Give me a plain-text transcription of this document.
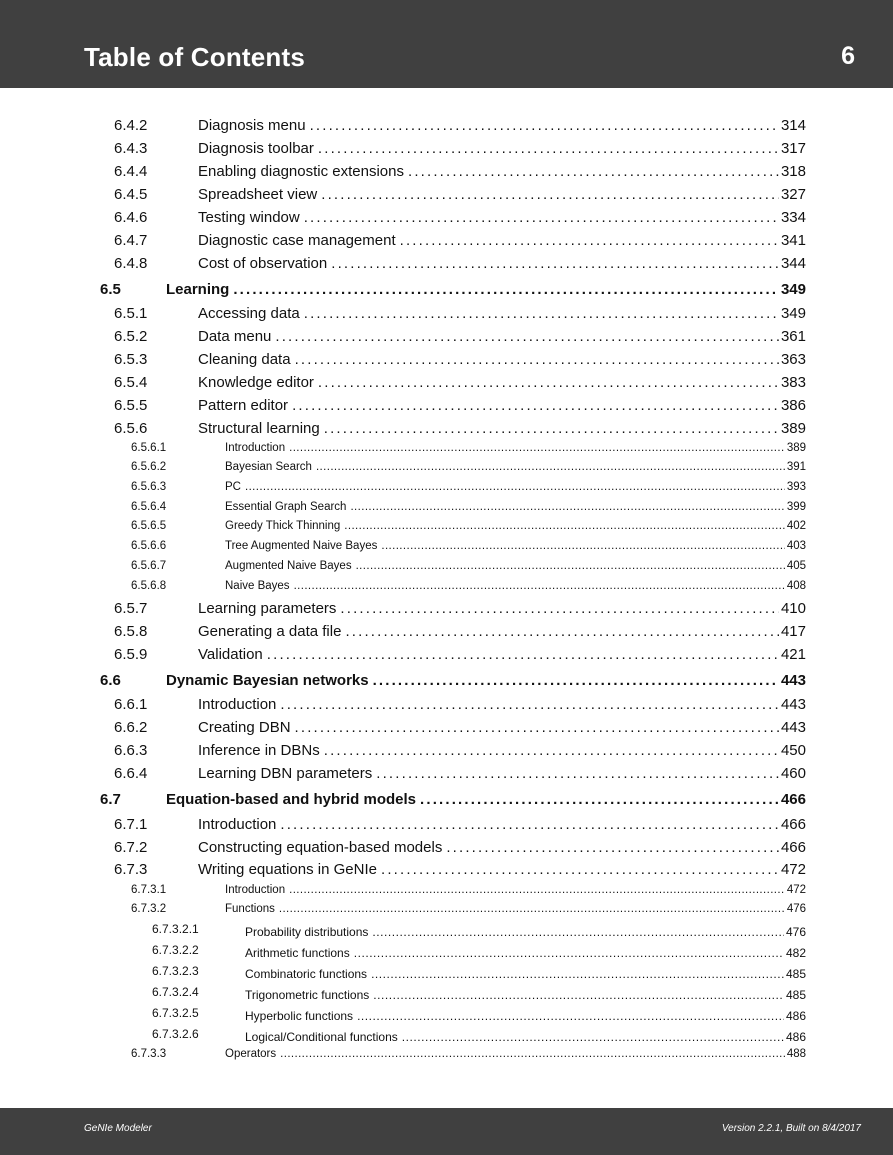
Table of Contents	6
6.4.2	Diagnosis menu . . .	314
6.4.3	Diagnosis toolbar . . .	317
6.4.4	Enabling diagnostic extensions . . .	318
6.4.5	Spreadsheet view . . .	327
6.4.6	Testing window . . .	334
6.4.7	Diagnostic case management . . .	341
6.4.8	Cost of observation . . .	344
6.5	Learning . . .	349
6.5.1	Accessing data . . .	349
6.5.2	Data menu . . .	361
6.5.3	Cleaning data . . .	363
6.5.4	Knowledge editor . . .	383
6.5.5	Pattern editor . . .	386
6.5.6	Structural learning . . .	389
6.5.6.1	Introduction . . .	389
6.5.6.2	Bayesian Search . . .	391
6.5.6.3	PC . . .	393
6.5.6.4	Essential Graph Search . . .	399
6.5.6.5	Greedy Thick Thinning . . .	402
6.5.6.6	Tree Augmented Naive Bayes . . .	403
6.5.6.7	Augmented Naive Bayes . . .	405
6.5.6.8	Naive Bayes . . .	408
6.5.7	Learning parameters . . .	410
6.5.8	Generating a data file . . .	417
6.5.9	Validation . . .	421
6.6	Dynamic Bayesian networks . . .	443
6.6.1	Introduction . . .	443
6.6.2	Creating DBN . . .	443
6.6.3	Inference in DBNs . . .	450
6.6.4	Learning DBN parameters . . .	460
6.7	Equation-based and hybrid models . . .	466
6.7.1	Introduction . . .	466
6.7.2	Constructing equation-based models . . .	466
6.7.3	Writing equations in GeNIe . . .	472
6.7.3.1	Introduction . . .	472
6.7.3.2	Functions . . .	476
6.7.3.2.1	Probability distributions . . .	476
6.7.3.2.2	Arithmetic functions . . .	482
6.7.3.2.3	Combinatoric functions . . .	485
6.7.3.2.4	Trigonometric functions . . .	485
6.7.3.2.5	Hyperbolic functions . . .	486
6.7.3.2.6	Logical/Conditional functions . . .	486
6.7.3.3	Operators . . .	488
GeNIe Modeler	Version 2.2.1, Built on 8/4/2017
